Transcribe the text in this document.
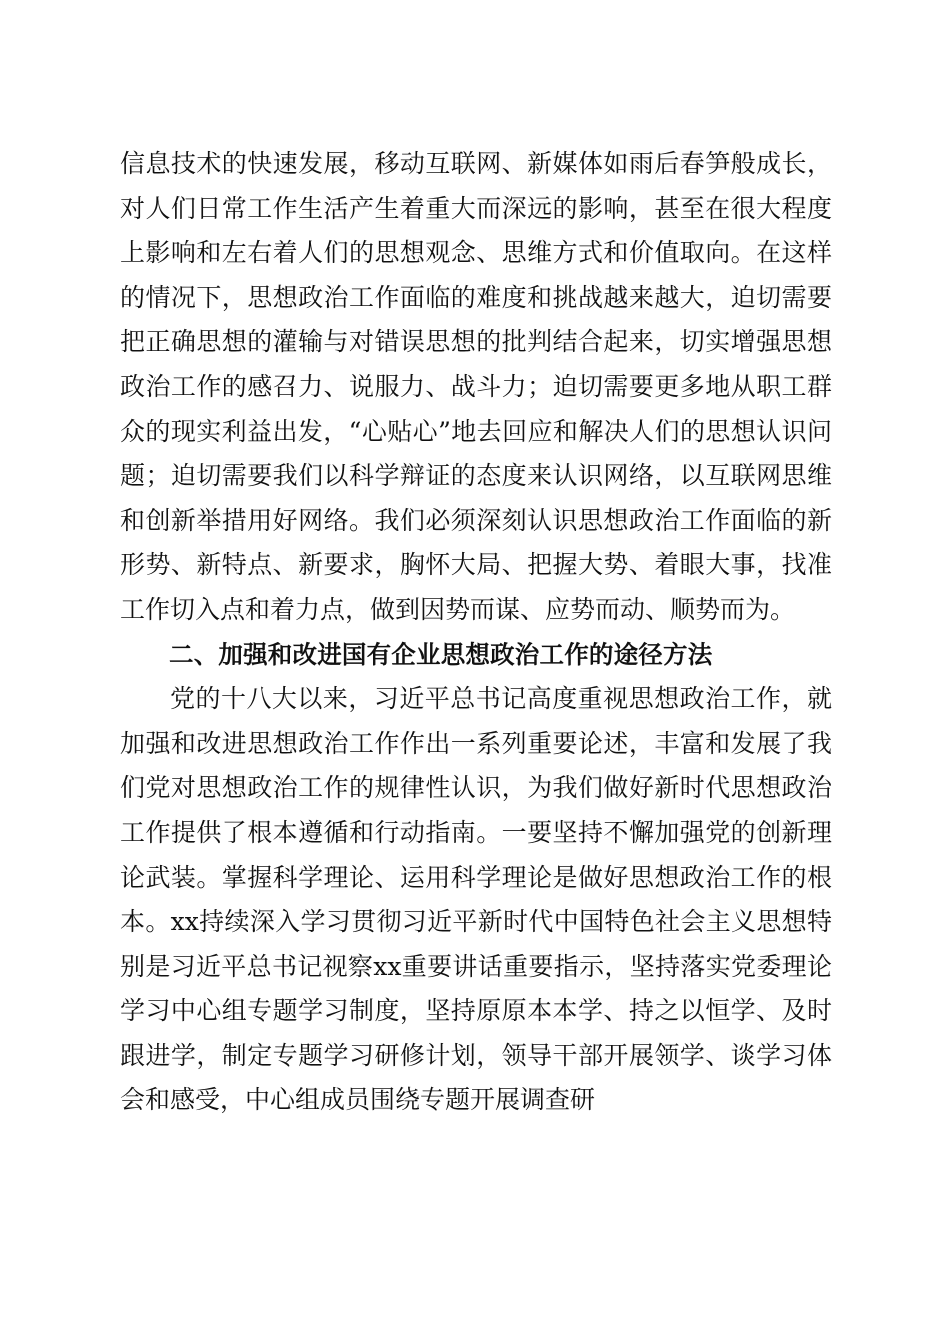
信息技术的快速发展，移动互联网、新媒体如雨后春笋般成长，对人们日常工作生活产生着重大而深远的影响，甚至在很大程度上影响和左右着人们的思想观念、思维方式和价值取向。在这样的情况下，思想政治工作面临的难度和挑战越来越大，迫切需要把正确思想的灌输与对错误思想的批判结合起来，切实增强思想政治工作的感召力、说服力、战斗力；迫切需要更多地从职工群众的现实利益出发，“心贴心”地去回应和解决人们的思想认识问题；迫切需要我们以科学辩证的态度来认识网络，以互联网思维和创新举措用好网络。我们必须深刻认识思想政治工作面临的新形势、新特点、新要求，胸怀大局、把握大势、着眼大事，找准工作切入点和着力点，做到因势而谋、应势而动、顺势而为。

二、加强和改进国有企业思想政治工作的途径方法

党的十八大以来，习近平总书记高度重视思想政治工作，就加强和改进思想政治工作作出一系列重要论述，丰富和发展了我们党对思想政治工作的规律性认识，为我们做好新时代思想政治工作提供了根本遵循和行动指南。一要坚持不懈加强党的创新理论武装。掌握科学理论、运用科学理论是做好思想政治工作的根本。xx持续深入学习贯彻习近平新时代中国特色社会主义思想特别是习近平总书记视察xx重要讲话重要指示，坚持落实党委理论学习中心组专题学习制度，坚持原原本本学、持之以恒学、及时跟进学，制定专题学习研修计划，领导干部开展领学、谈学习体会和感受，中心组成员围绕专题开展调查研
